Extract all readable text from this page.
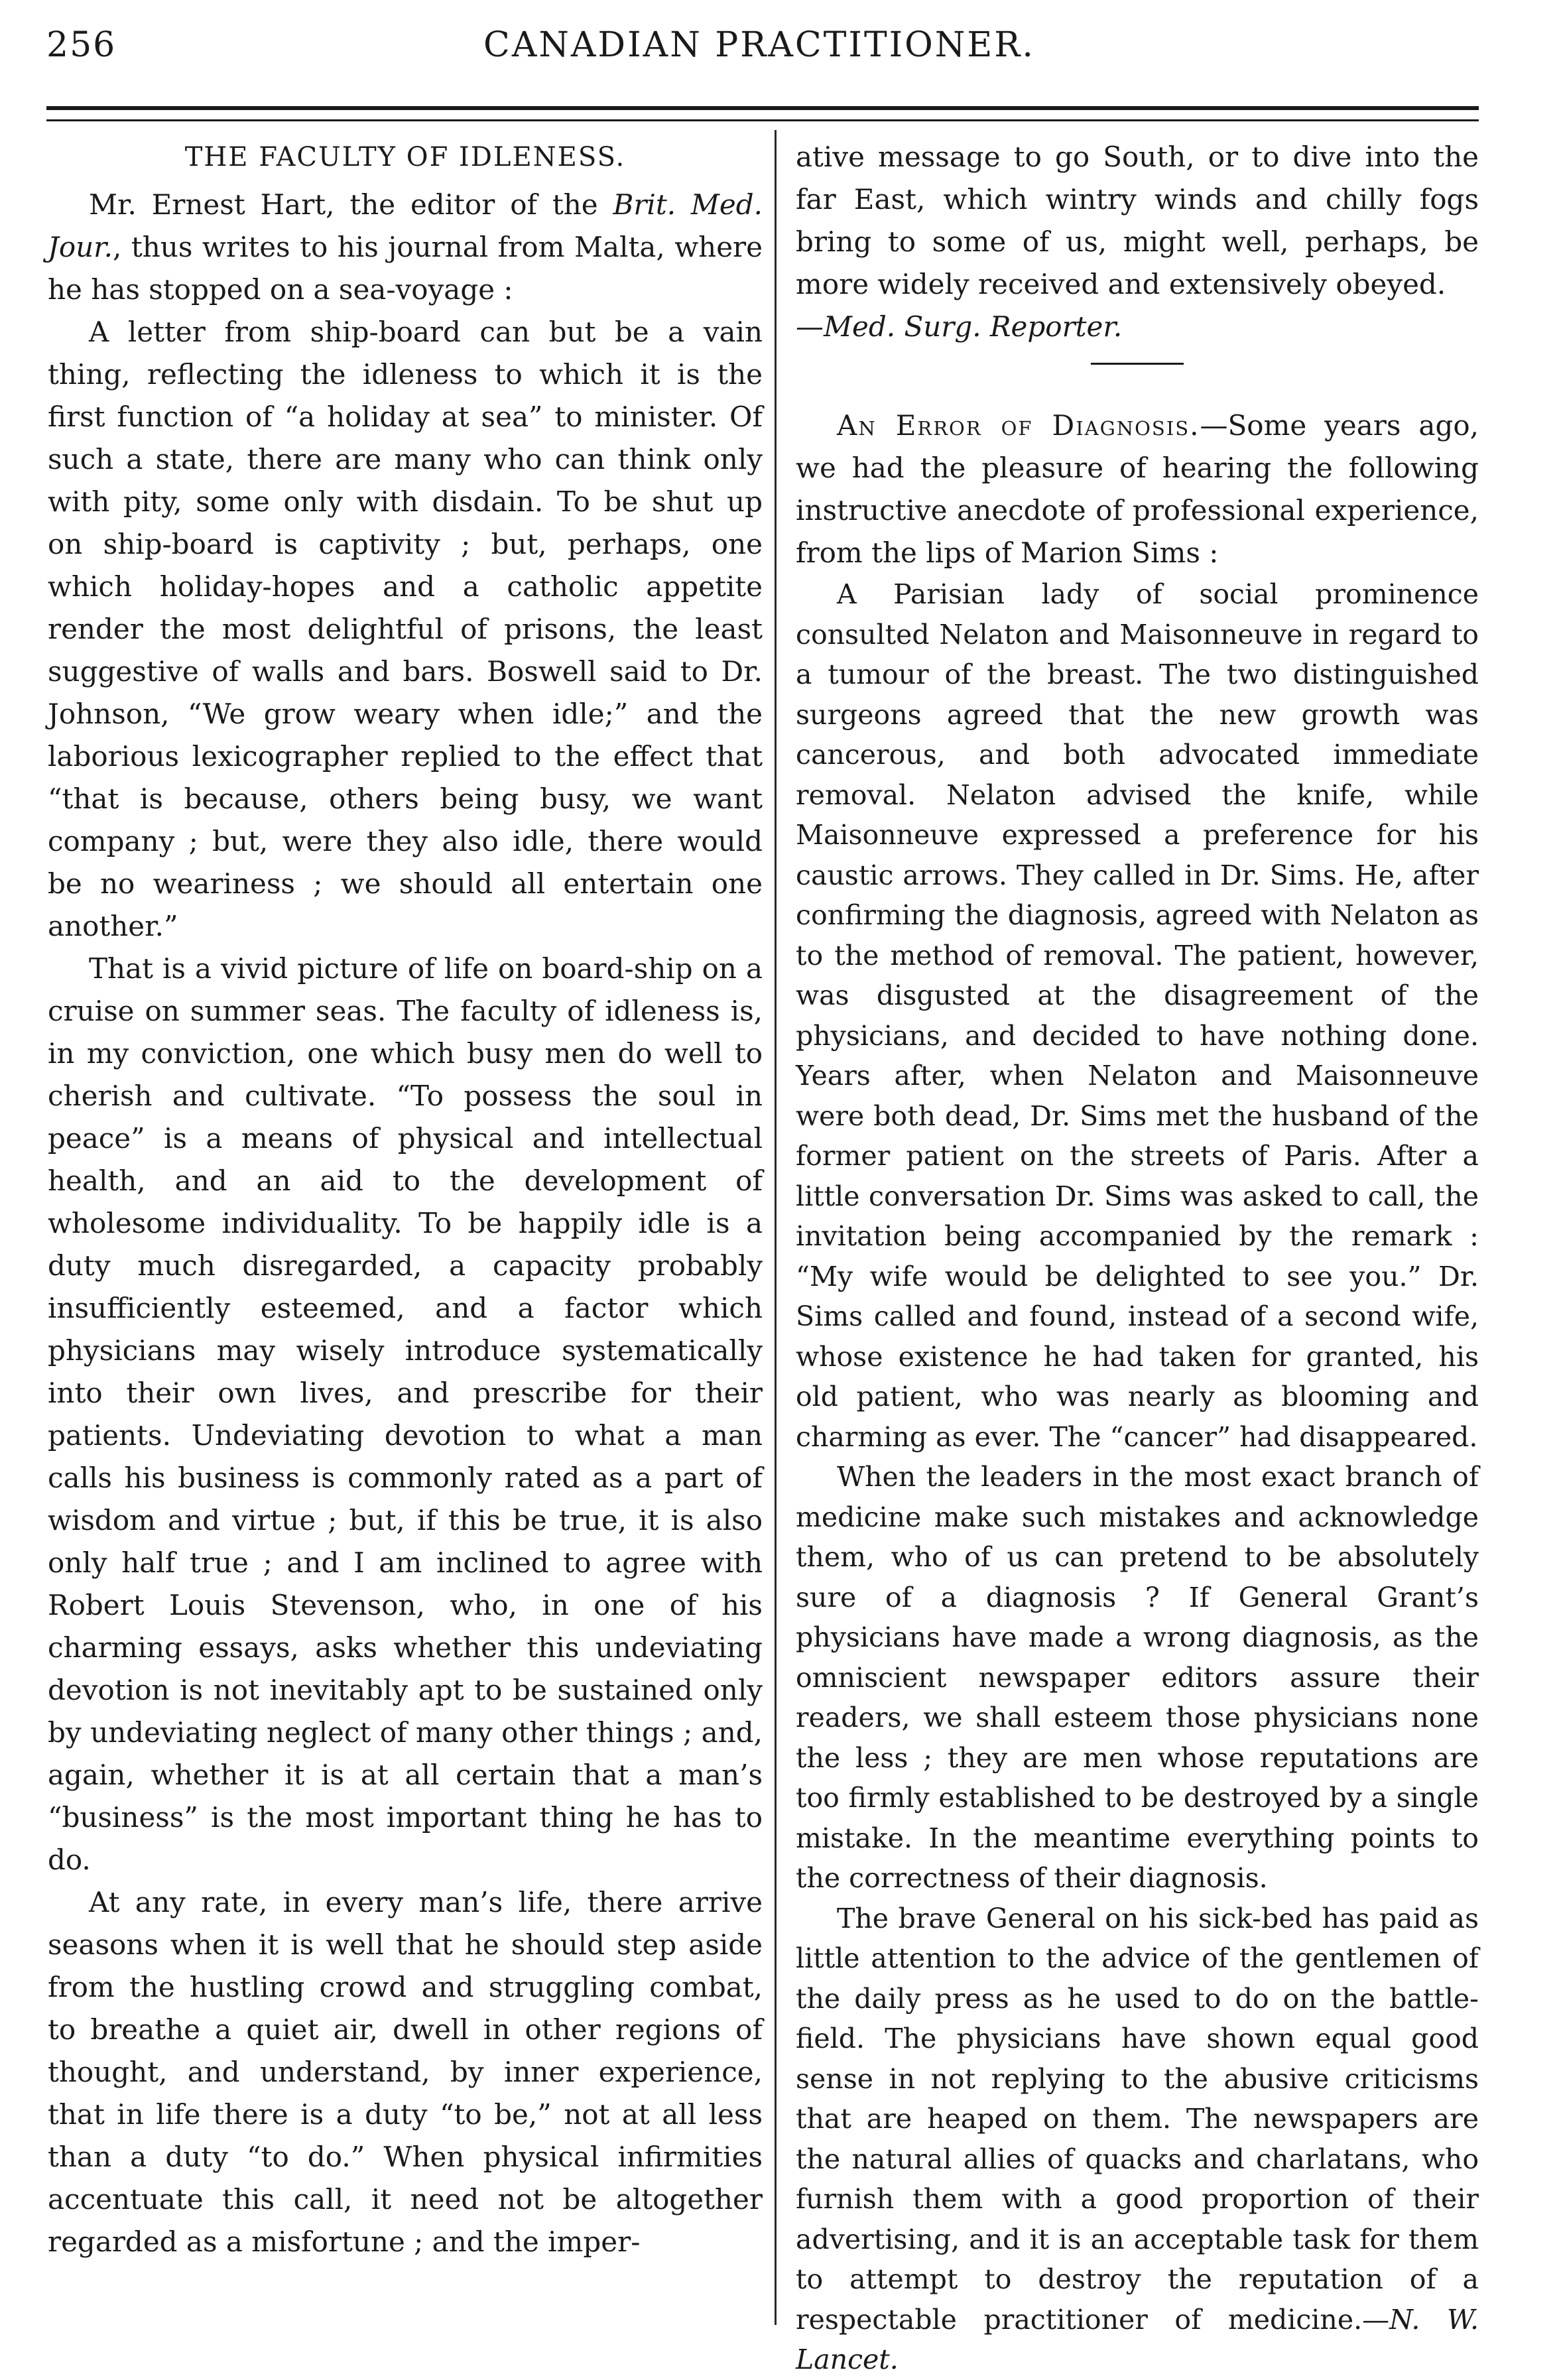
256	CANADIAN PRACTITIONER.
THE FACULTY OF IDLENESS.

Mr. Ernest Hart, the editor of the Brit. Med. Jour., thus writes to his journal from Malta, where he has stopped on a sea-voyage :

A letter from ship-board can but be a vain thing, reflecting the idleness to which it is the first function of “a holiday at sea” to minister. Of such a state, there are many who can think only with pity, some only with disdain. To be shut up on ship-board is captivity ; but, perhaps, one which holiday-hopes and a catholic appetite render the most delightful of prisons, the least suggestive of walls and bars. Boswell said to Dr. Johnson, “We grow weary when idle;” and the laborious lexicographer replied to the effect that “that is because, others being busy, we want company ; but, were they also idle, there would be no weariness ; we should all entertain one another.”

That is a vivid picture of life on board-ship on a cruise on summer seas. The faculty of idleness is, in my conviction, one which busy men do well to cherish and cultivate. “To possess the soul in peace” is a means of physical and intellectual health, and an aid to the development of wholesome individuality. To be happily idle is a duty much disregarded, a capacity probably insufficiently esteemed, and a factor which physicians may wisely introduce systematically into their own lives, and prescribe for their patients. Undeviating devotion to what a man calls his business is commonly rated as a part of wisdom and virtue ; but, if this be true, it is also only half true ; and I am inclined to agree with Robert Louis Stevenson, who, in one of his charming essays, asks whether this undeviating devotion is not inevitably apt to be sustained only by undeviating neglect of many other things ; and, again, whether it is at all certain that a man’s “business” is the most important thing he has to do.

At any rate, in every man’s life, there arrive seasons when it is well that he should step aside from the hustling crowd and struggling combat, to breathe a quiet air, dwell in other regions of thought, and understand, by inner experience, that in life there is a duty “to be,” not at all less than a duty “to do.” When physical infirmities accentuate this call, it need not be altogether regarded as a misfortune ; and the imper-

ative message to go South, or to dive into the far East, which wintry winds and chilly fogs bring to some of us, might well, perhaps, be more widely received and extensively obeyed.
—Med. Surg. Reporter.

An Error of Diagnosis.—Some years ago, we had the pleasure of hearing the following instructive anecdote of professional experience, from the lips of Marion Sims :

A Parisian lady of social prominence consulted Nelaton and Maisonneuve in regard to a tumour of the breast. The two distinguished surgeons agreed that the new growth was cancerous, and both advocated immediate removal. Nelaton advised the knife, while Maisonneuve expressed a preference for his caustic arrows. They called in Dr. Sims. He, after confirming the diagnosis, agreed with Nelaton as to the method of removal. The patient, however, was disgusted at the disagreement of the physicians, and decided to have nothing done. Years after, when Nelaton and Maisonneuve were both dead, Dr. Sims met the husband of the former patient on the streets of Paris. After a little conversation Dr. Sims was asked to call, the invitation being accompanied by the remark : “My wife would be delighted to see you.” Dr. Sims called and found, instead of a second wife, whose existence he had taken for granted, his old patient, who was nearly as blooming and charming as ever. The “cancer” had disappeared.

When the leaders in the most exact branch of medicine make such mistakes and acknowledge them, who of us can pretend to be absolutely sure of a diagnosis ? If General Grant’s physicians have made a wrong diagnosis, as the omniscient newspaper editors assure their readers, we shall esteem those physicians none the less ; they are men whose reputations are too firmly established to be destroyed by a single mistake. In the meantime everything points to the correctness of their diagnosis.

The brave General on his sick-bed has paid as little attention to the advice of the gentlemen of the daily press as he used to do on the battle-field. The physicians have shown equal good sense in not replying to the abusive criticisms that are heaped on them. The newspapers are the natural allies of quacks and charlatans, who furnish them with a good proportion of their advertising, and it is an acceptable task for them to attempt to destroy the reputation of a respectable practitioner of medicine.—N. W. Lancet.
